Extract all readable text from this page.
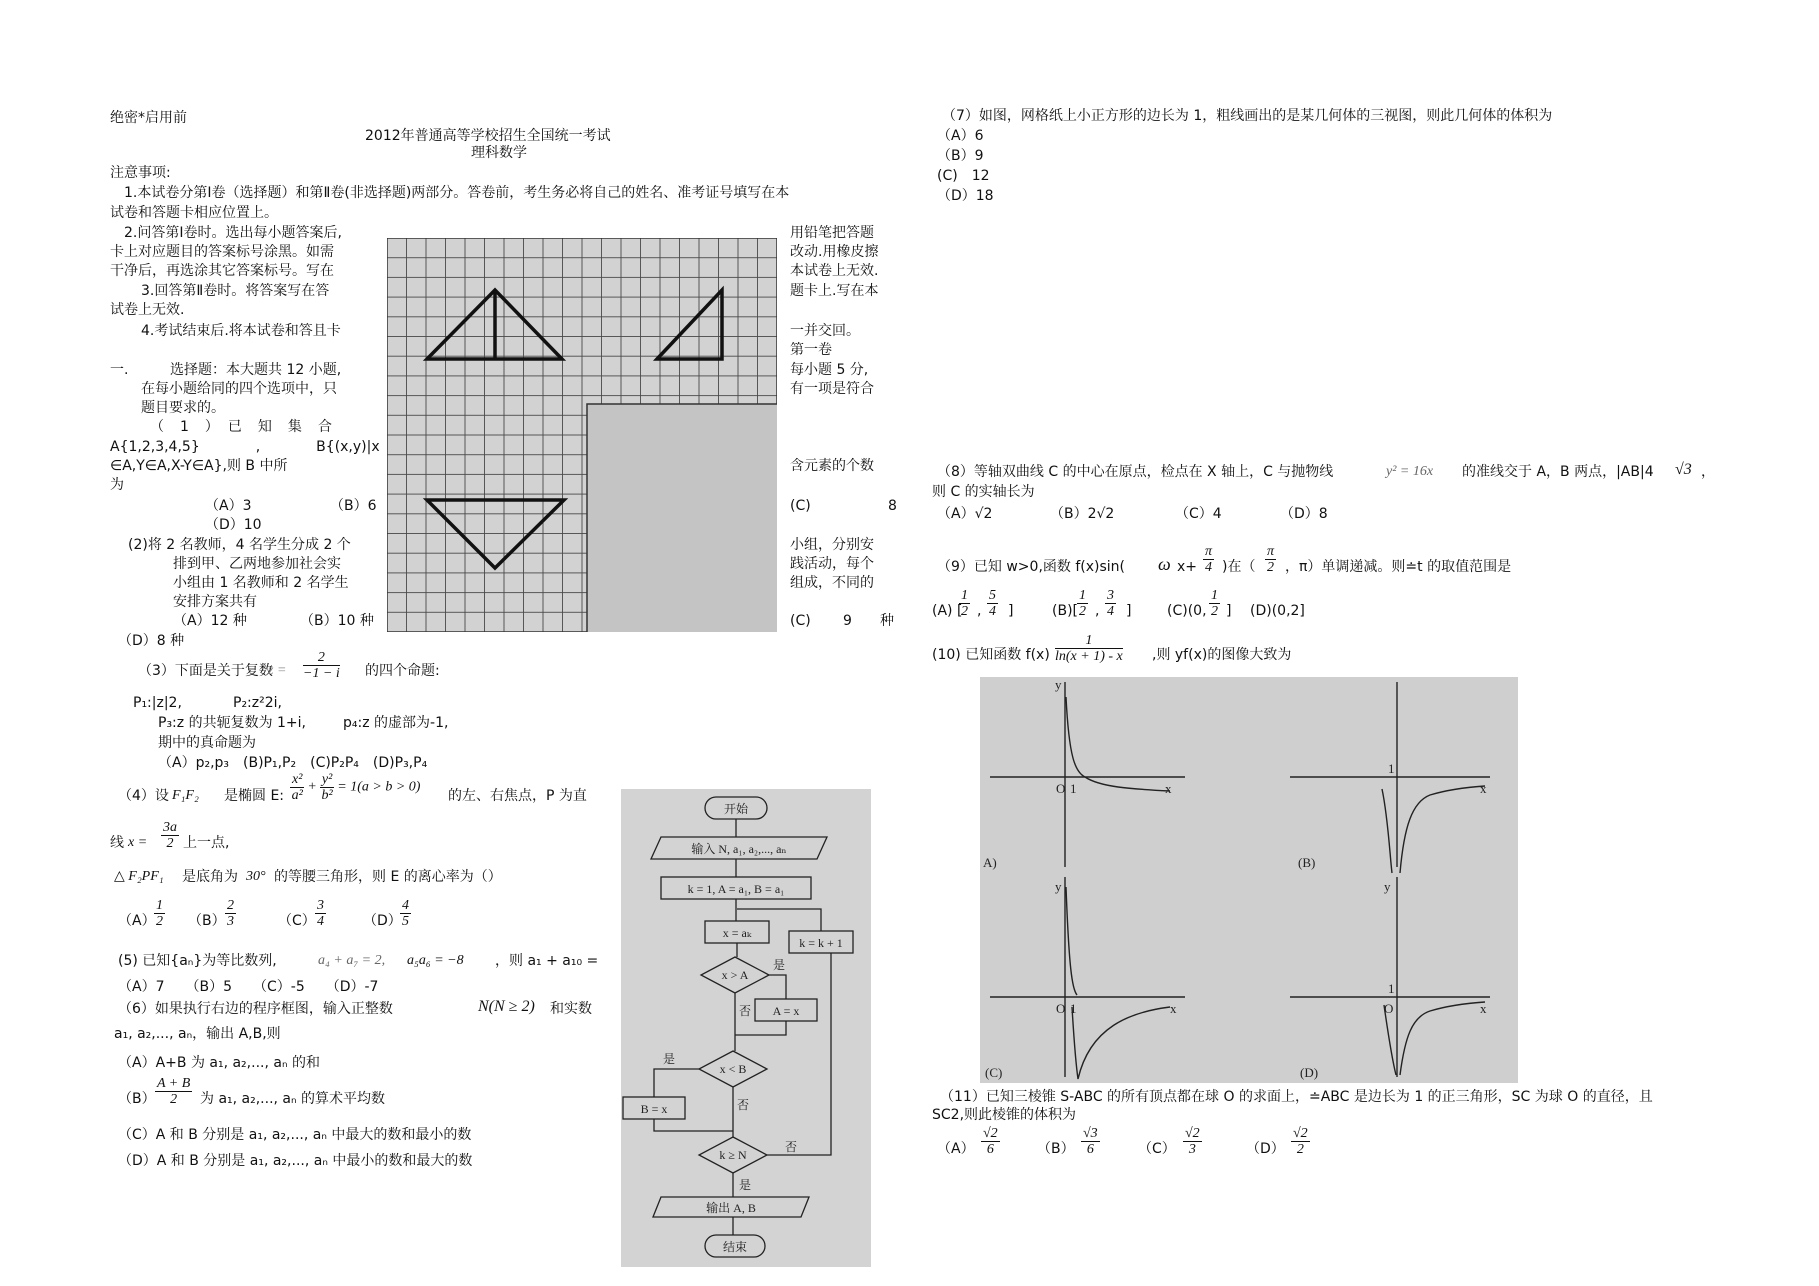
绝密*启用前
2012年普通高等学校招生全国统一考试
理科数学
注意事项:
1.本试卷分第Ⅰ卷（选择题）和第Ⅱ卷(非选择题)两部分。答卷前，考生务必将自己的姓名、准考证号填写在本
试卷和答题卡相应位置上。
2.问答第Ⅰ卷时。选出每小题答案后,
卡上对应题目的答案标号涂黑。如需
干净后，再选涂其它答案标号。写在
3.回答第Ⅱ卷时。将答案写在答
试卷上无效.
4.考试结束后.将本试卷和答且卡
用铅笔把答题
改动.用橡皮擦
本试卷上无效.
题卡上.写在本
一并交回。
第一卷
一.	选择题：本大题共 12 小题,
在每小题给同的四个选项中，只
题目要求的。
每小题 5 分,
有一项是符合
（　1　）　已　知　集　合
A{1,2,3,4,5}　　　　,　　　　B{(x,y)|x
∈A,Y∈A,X-Y∈A},则 B 中所
为
含元素的个数
（A）3	（B）6	(C)	8
（D）10
(2)将 2 名教师，4 名学生分成 2 个
排到甲、乙两地参加社会实
小组由 1 名教师和 2 名学生
安排方案共有
小组，分别安
践活动，每个
组成，不同的
（A）12 种	（B）10 种	(C) 9 种
（D）8 种
（3）下面是关于复数
$z = \frac{2}{-1 - i}$ 的四个命题:
P₁:|z|2,	P₂:z²2i,
P₃:z 的共轭复数为 1+i,	p₄:z 的虚部为-1,
期中的真命题为
（A）p₂,p₃　(B)P₁,P₂　(C)P₂P₄　(D)P₃,P₄
（4）设 F₁F₂ 是椭圆 E: $\frac{\text{x²}}{\text{a²}} + \frac{\text{y²}}{\text{b²}} = 1(a > b > 0)$
的左、右焦点，P 为直
线 $x = \frac{3a}{2}$ 上一点,
△ F₂PF₁ 是底角为 30° 的等腰三角形，则 E 的离心率为（）
（A）
$\frac{1}{2} (B) \frac{2}{3}$	$(C) \frac{3}{4}$	（D）
$\frac{4}{5}$
(5) 已知{aₙ}为等比数列,	a₄ + a₇ = 2, a₅a₆ = −8 ，则 a₁ + a₁₀ =
（A）7　　（B）5　　（C）-5　　（D）-7
（6）如果执行右边的程序框图，输入正整数	N(N ≥ 2) 和实数
a₁, a₂,..., aₙ，输出 A,B,则
（A）A+B 为 a₁, a₂,..., aₙ 的和
$(B) \frac{A + B}{2}$ 为 a₁, a₂,..., aₙ 的算术平均数
（C）A 和 B 分别是 a₁, a₂,..., aₙ 中最大的数和最小的数
（D）A 和 B 分别是 a₁, a₂,..., aₙ 中最小的数和最大的数
开始
输入 N, a₁, a₂,..., aₙ
k = 1, A = a₁, B = a₁
x = aₖ
x > A
是
否 A = x
k = k + 1
x < B
是
否
B = x
k ≥ N
否
是
输出 A, B
结束
（7）如图，网格纸上小正方形的边长为 1，粗线画出的是某几何体的三视图，则此几何体的体积为
（A）6
（B）9
(C)　12
（D）18
（8）等轴双曲线 C 的中心在原点，检点在 X 轴上，C 与抛物线	y² = 16x 的准线交于 A，B 两点，|AB|4 √3 ，
则 C 的实轴长为
（A）√2	（B）2√2	（C）4	（D）8
（9）已知 w>0,函数 f(x)sin( ω $x+ \frac{\pi}{4}$ )在（ $\frac{\pi}{2}$ ，π）单调递减。则≐t 的取值范围是
(A) [
$\frac{1}{2}$ , $\frac{5}{4}$ ]	$(B)[ \frac{1}{2}$ , $\frac{3}{4}$ ]	(C)(0, $\frac{1}{2}$ ] (D)(0,2]
(10) 已知函数 $f(x) \frac{1}{\ln(x + 1) - x}$ ,则 yf(x)的图像大致为
A)	(B)
(C)	(D)
O 1	x
y
1
x
O 1	x
y
O
1
x
y
（11）已知三棱锥 S-ABC 的所有顶点都在球 O 的求面上，≐ABC 是边长为 1 的正三角形，SC 为球 O 的直径，且
SC2,则此棱锥的体积为
$(A) \frac{√2}{6}$	$(B) \frac{√3}{6}$	$(C) \frac{√2}{3}$	$(D) \frac{√2}{2}$
